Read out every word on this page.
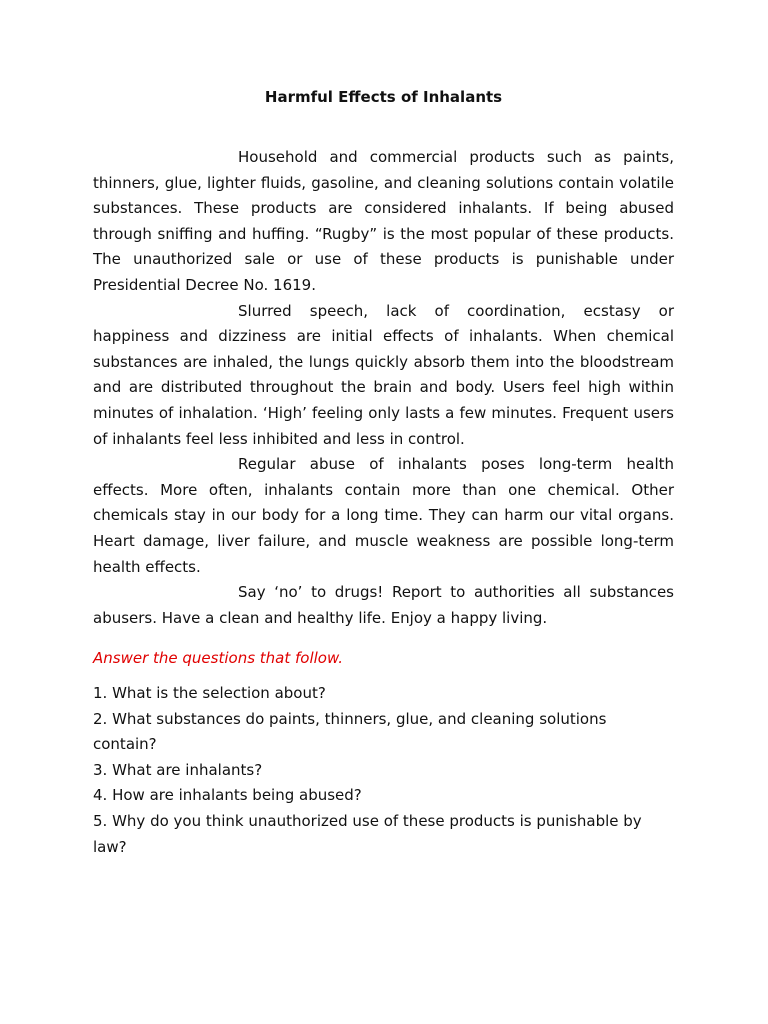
Harmful Effects of Inhalants

Household and commercial products such as paints, thinners, glue, lighter fluids, gasoline, and cleaning solutions contain volatile substances. These products are considered inhalants. If being abused through sniffing and huffing. “Rugby” is the most popular of these products. The unauthorized sale or use of these products is punishable under Presidential Decree No. 1619.

Slurred speech, lack of coordination, ecstasy or happiness and dizziness are initial effects of inhalants. When chemical substances are inhaled, the lungs quickly absorb them into the bloodstream and are distributed throughout the brain and body. Users feel high within minutes of inhalation. ‘High’ feeling only lasts a few minutes. Frequent users of inhalants feel less inhibited and less in control.

Regular abuse of inhalants poses long-term health effects. More often, inhalants contain more than one chemical. Other chemicals stay in our body for a long time. They can harm our vital organs. Heart damage, liver failure, and muscle weakness are possible long-term health effects.

Say ‘no’ to drugs! Report to authorities all substances abusers. Have a clean and healthy life. Enjoy a happy living.

Answer the questions that follow.

1. What is the selection about?
2. What substances do paints, thinners, glue, and cleaning solutions contain?
3. What are inhalants?
4. How are inhalants being abused?
5. Why do you think unauthorized use of these products is punishable by law?
